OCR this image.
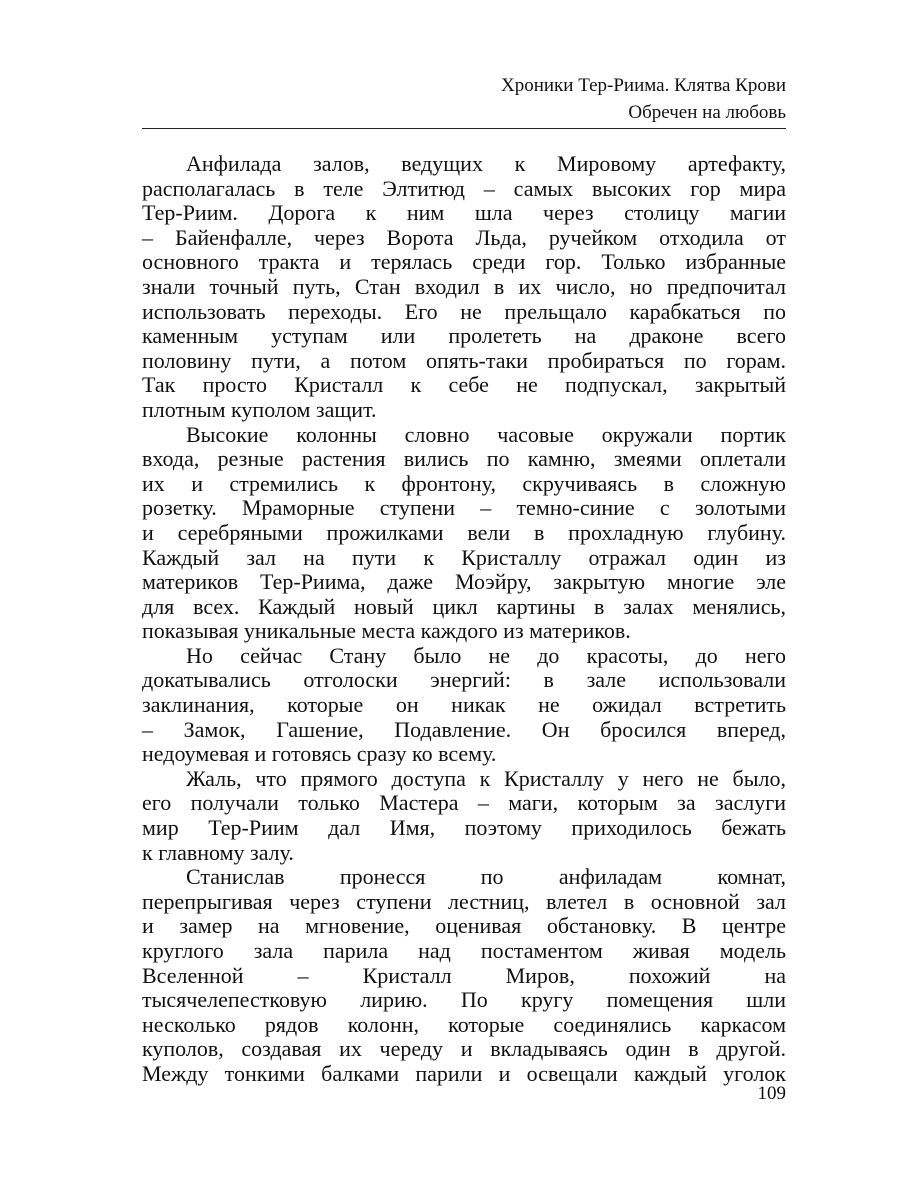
Хроники Тер-Риима. Клятва Крови
Обречен на любовь

Анфилада залов, ведущих к Мировому артефакту,
располагалась в теле Элтитюд – самых высоких гор мира
Тер-Риим. Дорога к ним шла через столицу магии
– Байенфалле, через Ворота Льда, ручейком отходила от
основного тракта и терялась среди гор. Только избранные
знали точный путь, Стан входил в их число, но предпочитал
использовать переходы. Его не прельщало карабкаться по
каменным уступам или пролететь на драконе всего
половину пути, а потом опять-таки пробираться по горам.
Так просто Кристалл к себе не подпускал, закрытый
плотным куполом защит.

Высокие колонны словно часовые окружали портик
входа, резные растения вились по камню, змеями оплетали
их и стремились к фронтону, скручиваясь в сложную
розетку. Мраморные ступени – темно-синие с золотыми
и серебряными прожилками вели в прохладную глубину.
Каждый зал на пути к Кристаллу отражал один из
материков Тер-Риима, даже Моэйру, закрытую многие эле
для всех. Каждый новый цикл картины в залах менялись,
показывая уникальные места каждого из материков.

Но сейчас Стану было не до красоты, до него
докатывались отголоски энергий: в зале использовали
заклинания, которые он никак не ожидал встретить
– Замок, Гашение, Подавление. Он бросился вперед,
недоумевая и готовясь сразу ко всему.

Жаль, что прямого доступа к Кристаллу у него не было,
его получали только Мастера – маги, которым за заслуги
мир Тер-Риим дал Имя, поэтому приходилось бежать
к главному залу.

Станислав пронесся по анфиладам комнат,
перепрыгивая через ступени лестниц, влетел в основной зал
и замер на мгновение, оценивая обстановку. В центре
круглого зала парила над постаментом живая модель
Вселенной – Кристалл Миров, похожий на
тысячелепестковую лирию. По кругу помещения шли
несколько рядов колонн, которые соединялись каркасом
куполов, создавая их череду и вкладываясь один в другой.
Между тонкими балками парили и освещали каждый уголок

109
